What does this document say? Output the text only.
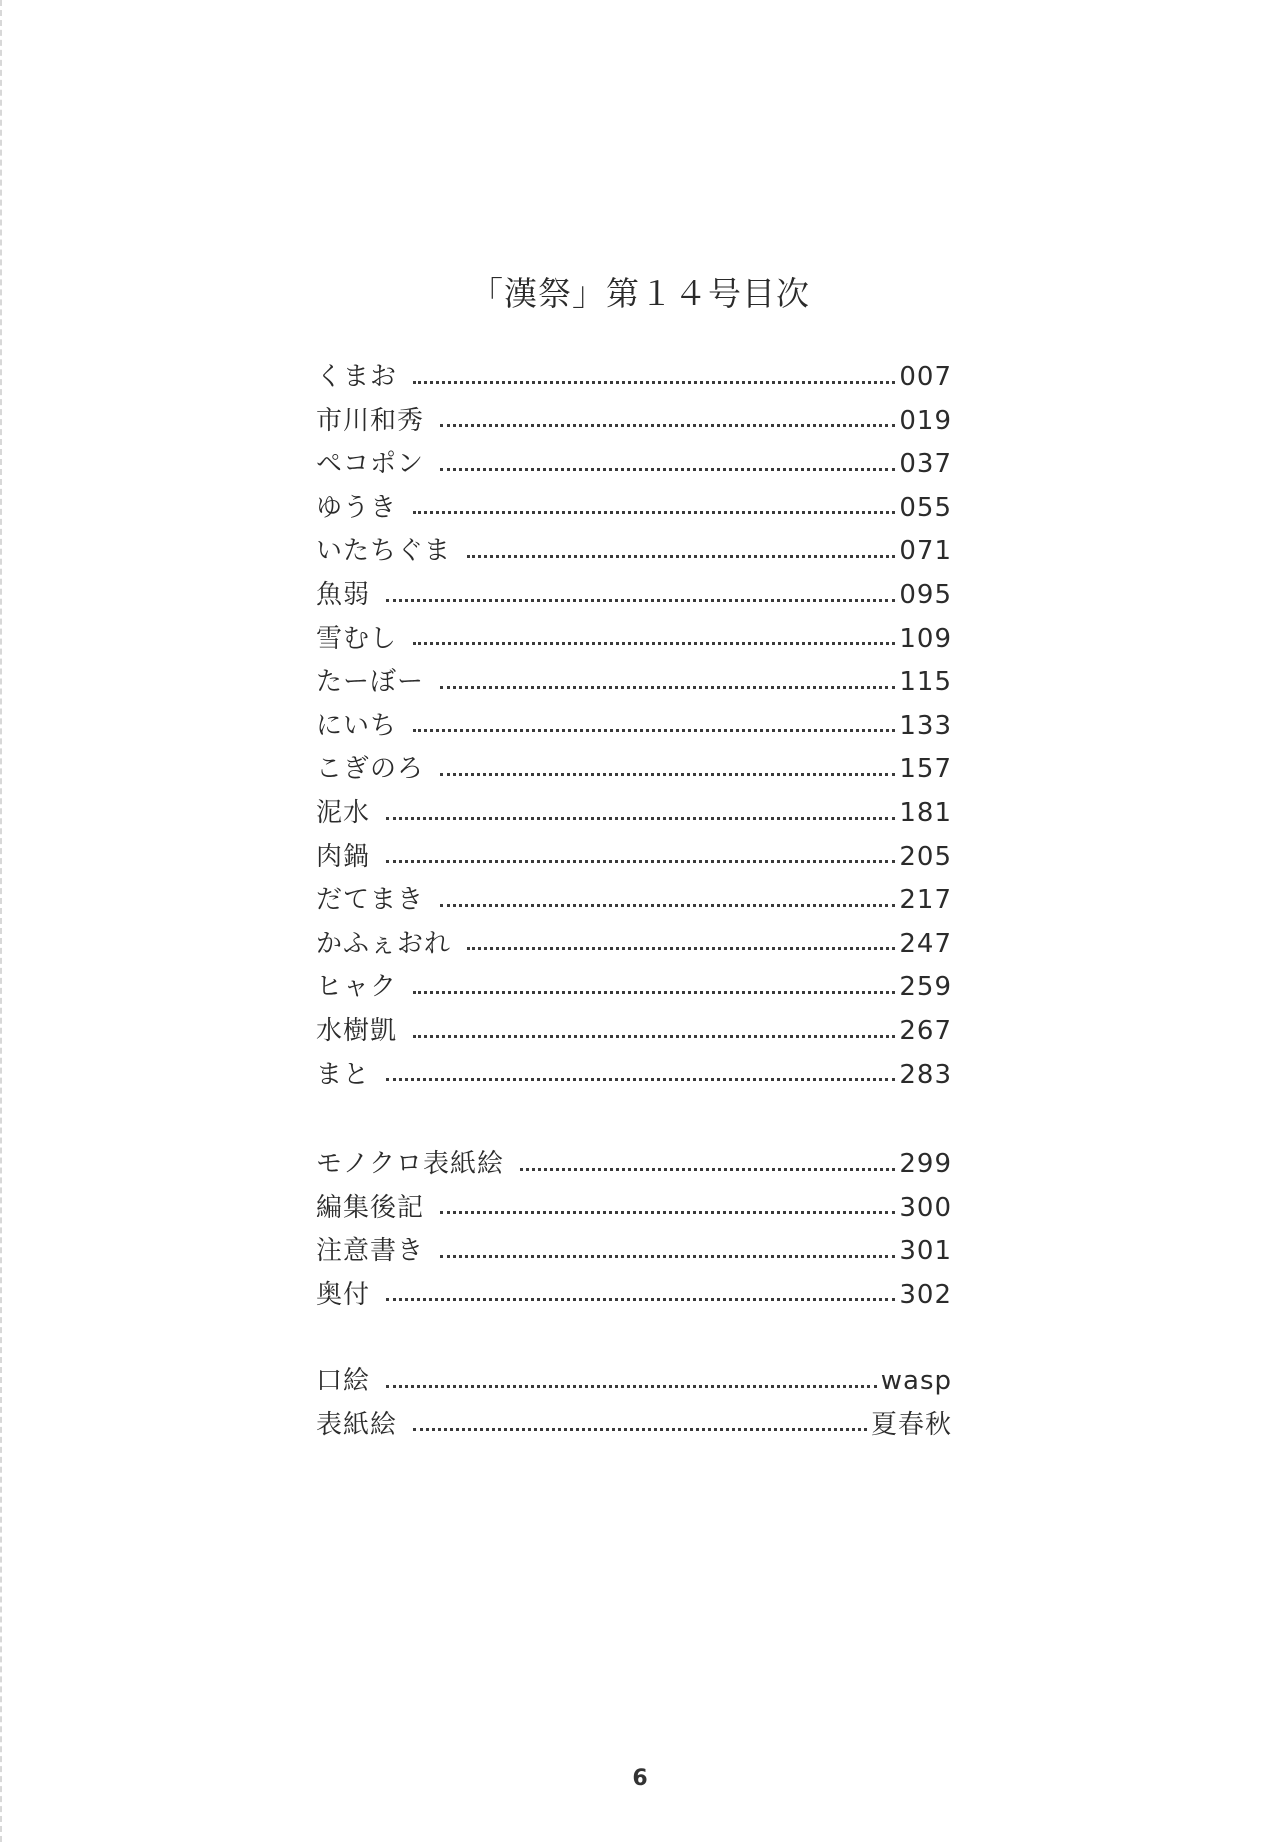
「漢祭」第１４号目次
くまお	007
市川和秀	019
ペコポン	037
ゆうき	055
いたちぐま	071
魚弱	095
雪むし	109
たーぼー	115
にいち	133
こぎのろ	157
泥水	181
肉鍋	205
だてまき	217
かふぇおれ	247
ヒャク	259
水樹凱	267
まと	283
モノクロ表紙絵	299
編集後記	300
注意書き	301
奥付	302
口絵	wasp
表紙絵	夏春秋
6
